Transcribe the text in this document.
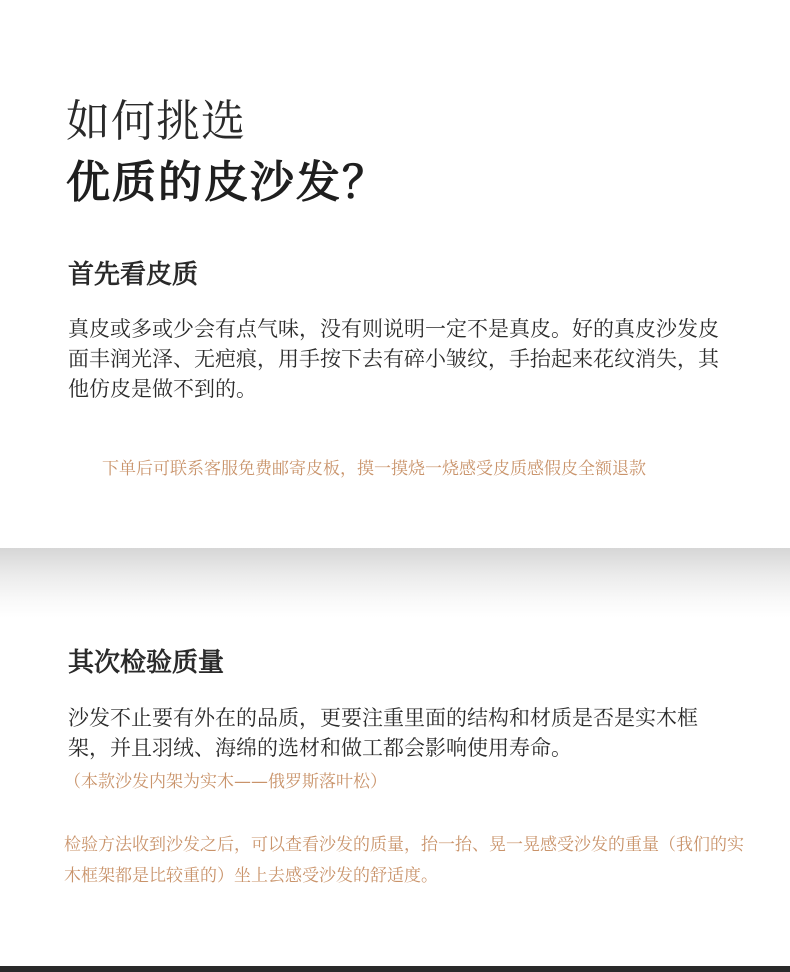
如何挑选
优质的皮沙发？
首先看皮质
真皮或多或少会有点气味，没有则说明一定不是真皮。好的真皮沙发皮面丰润光泽、无疤痕，用手按下去有碎小皱纹，手抬起来花纹消失，其他仿皮是做不到的。
下单后可联系客服免费邮寄皮板，摸一摸烧一烧感受皮质感假皮全额退款
其次检验质量
沙发不止要有外在的品质，更要注重里面的结构和材质是否是实木框架，并且羽绒、海绵的选材和做工都会影响使用寿命。
（本款沙发内架为实木——俄罗斯落叶松）
检验方法收到沙发之后，可以查看沙发的质量，抬一抬、晃一晃感受沙发的重量（我们的实木框架都是比较重的）坐上去感受沙发的舒适度。
